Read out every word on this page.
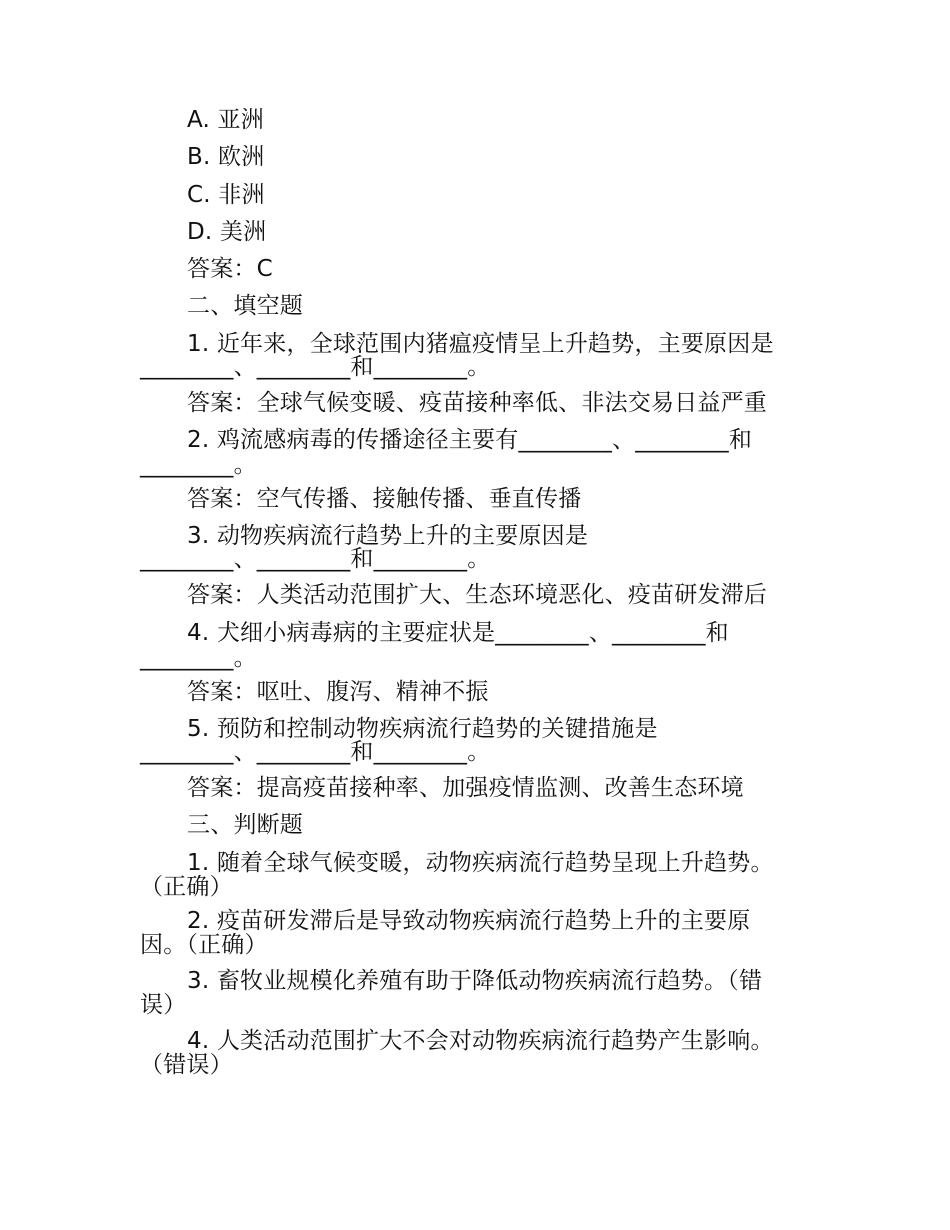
A. 亚洲
B. 欧洲
C. 非洲
D. 美洲
答案：C
二、填空题
1. 近年来，全球范围内猪瘟疫情呈上升趋势，主要原因是
________、________和________。
答案：全球气候变暖、疫苗接种率低、非法交易日益严重
2. 鸡流感病毒的传播途径主要有________、________和
________。
答案：空气传播、接触传播、垂直传播
3. 动物疾病流行趋势上升的主要原因是
________、________和________。
答案：人类活动范围扩大、生态环境恶化、疫苗研发滞后
4. 犬细小病毒病的主要症状是________、________和
________。
答案：呕吐、腹泻、精神不振
5. 预防和控制动物疾病流行趋势的关键措施是
________、________和________。
答案：提高疫苗接种率、加强疫情监测、改善生态环境
三、判断题
1. 随着全球气候变暖，动物疾病流行趋势呈现上升趋势。
（正确）
2. 疫苗研发滞后是导致动物疾病流行趋势上升的主要原
因。（正确）
3. 畜牧业规模化养殖有助于降低动物疾病流行趋势。（错
误）
4. 人类活动范围扩大不会对动物疾病流行趋势产生影响。
（错误）
